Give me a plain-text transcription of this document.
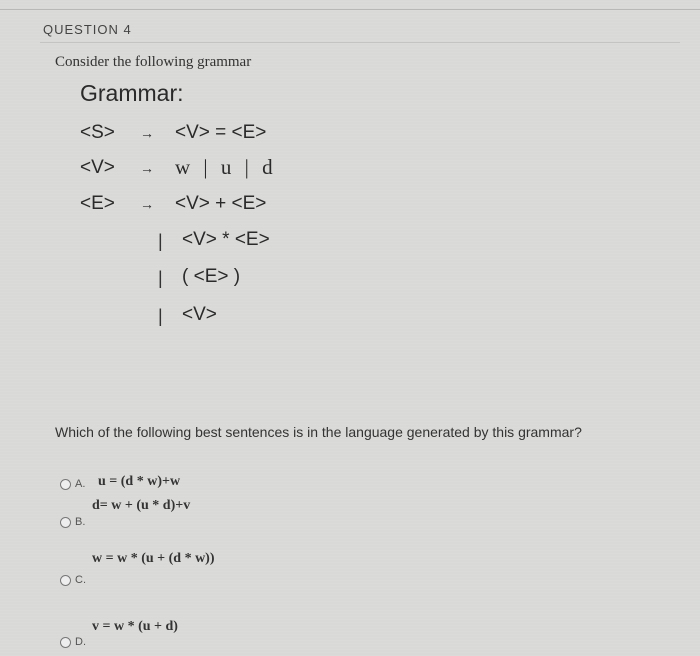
QUESTION 4
Consider the following grammar
Grammar:
<S> → <V> = <E>
<V> → w | u | d
<E> → <V> + <E>
| <V> * <E>
| ( <E> )
| <V>
Which of the following best sentences is in the language generated by this grammar?
A. u = (d * w)+w
d= w + (u * d)+v
B.
w = w * (u + (d * w))
C.
v = w * (u + d)
D.
